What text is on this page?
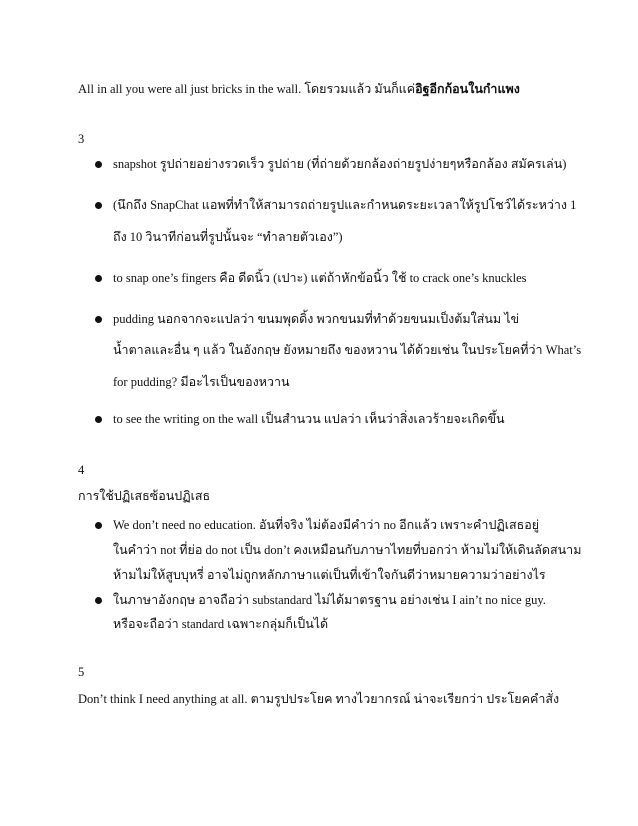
All in all you were all just bricks in the wall. โดยรวมแล้ว มันก็แค่อิฐอีกก้อนในกำแพง
3
snapshot รูปถ่ายอย่างรวดเร็ว รูปถ่าย (ที่ถ่ายด้วยกล้องถ่ายรูปง่ายๆหรือกล้อง สมัครเล่น)
(นึกถึง SnapChat แอพที่ทำให้สามารถถ่ายรูปและกำหนดระยะเวลาให้รูปโชว์ได้ระหว่าง 1
ถึง 10 วินาทีก่อนที่รูปนั้นจะ “ทำลายตัวเอง”)
to snap one’s fingers คือ ดีดนิ้ว (เปาะ) แต่ถ้าหักข้อนิ้ว ใช้ to crack one’s knuckles
pudding นอกจากจะแปลว่า ขนมพุดดิ้ง พวกขนมที่ทำด้วยขนมเป็งต้มใส่นม ไข่
น้ำตาลและอื่น ๆ แล้ว ในอังกฤษ ยังหมายถึง ของหวาน ได้ด้วยเช่น ในประโยคที่ว่า What’s
for pudding? มีอะไรเป็นของหวาน
to see the writing on the wall เป็นสำนวน แปลว่า เห็นว่าสิ่งเลวร้ายจะเกิดขึ้น
4
การใช้ปฏิเสธซ้อนปฏิเสธ
We don’t need no education. อันที่จริง ไม่ต้องมีคำว่า no อีกแล้ว เพราะคำปฏิเสธอยู่
ในคำว่า not ที่ย่อ do not เป็น don’t คงเหมือนกับภาษาไทยที่บอกว่า ห้ามไม่ให้เดินลัดสนาม
ห้ามไม่ให้สูบบุหรี่ อาจไม่ถูกหลักภาษาแต่เป็นที่เข้าใจกันดีว่าหมายความว่าอย่างไร
ในภาษาอังกฤษ อาจถือว่า substandard ไม่ได้มาตรฐาน อย่างเช่น I ain’t no nice guy.
หรือจะถือว่า standard เฉพาะกลุ่มก็เป็นได้
5
Don’t think I need anything at all. ตามรูปประโยค ทางไวยากรณ์ น่าจะเรียกว่า ประโยคคำสั่ง
